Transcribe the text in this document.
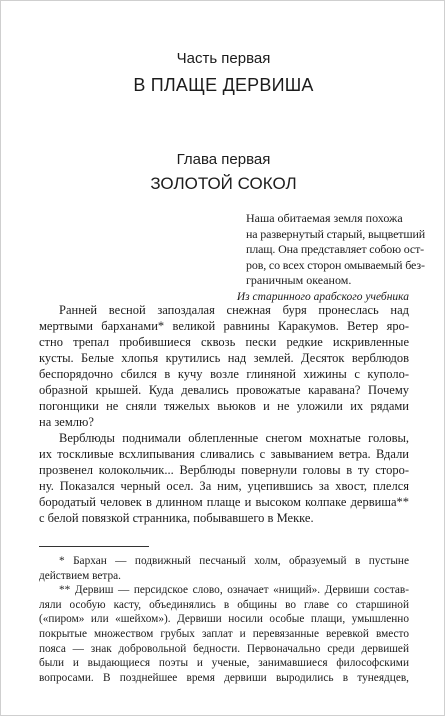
Часть первая
В ПЛАЩЕ ДЕРВИША
Глава первая
ЗОЛОТОЙ СОКОЛ
Наша обитаемая земля похожа
на развернутый старый, выцветший
плащ. Она представляет собою ост-
ров, со всех сторон омываемый без-
граничным океаном.
Из старинного арабского учебника
Ранней весной запоздалая снежная буря пронеслась над
мертвыми барханами* великой равнины Каракумов. Ветер яро-
стно трепал пробившиеся сквозь пески редкие искривленные
кусты. Белые хлопья крутились над землей. Десяток верблюдов
беспорядочно сбился в кучу возле глиняной хижины с куполо-
образной крышей. Куда девались провожатые каравана? Почему
погонщики не сняли тяжелых вьюков и не уложили их рядами
на землю?
Верблюды поднимали облепленные снегом мохнатые головы,
их тоскливые всхлипывания сливались с завыванием ветра. Вдали
прозвенел колокольчик... Верблюды повернули головы в ту сторо-
ну. Показался черный осел. За ним, уцепившись за хвост, плелся
бородатый человек в длинном плаще и высоком колпаке дервиша**
с белой повязкой странника, побывавшего в Мекке.
* Бархан — подвижный песчаный холм, образуемый в пустыне
действием ветра.
** Дервиш — персидское слово, означает «нищий». Дервиши состав-
ляли особую касту, объединялись в общины во главе со старшиной
(«пиром» или «шейхом»). Дервиши носили особые плащи, умышленно
покрытые множеством грубых заплат и перевязанные веревкой вместо
пояса — знак добровольной бедности. Первоначально среди дервишей
были и выдающиеся поэты и ученые, занимавшиеся философскими
вопросами. В позднейшее время дервиши выродились в тунеядцев,
